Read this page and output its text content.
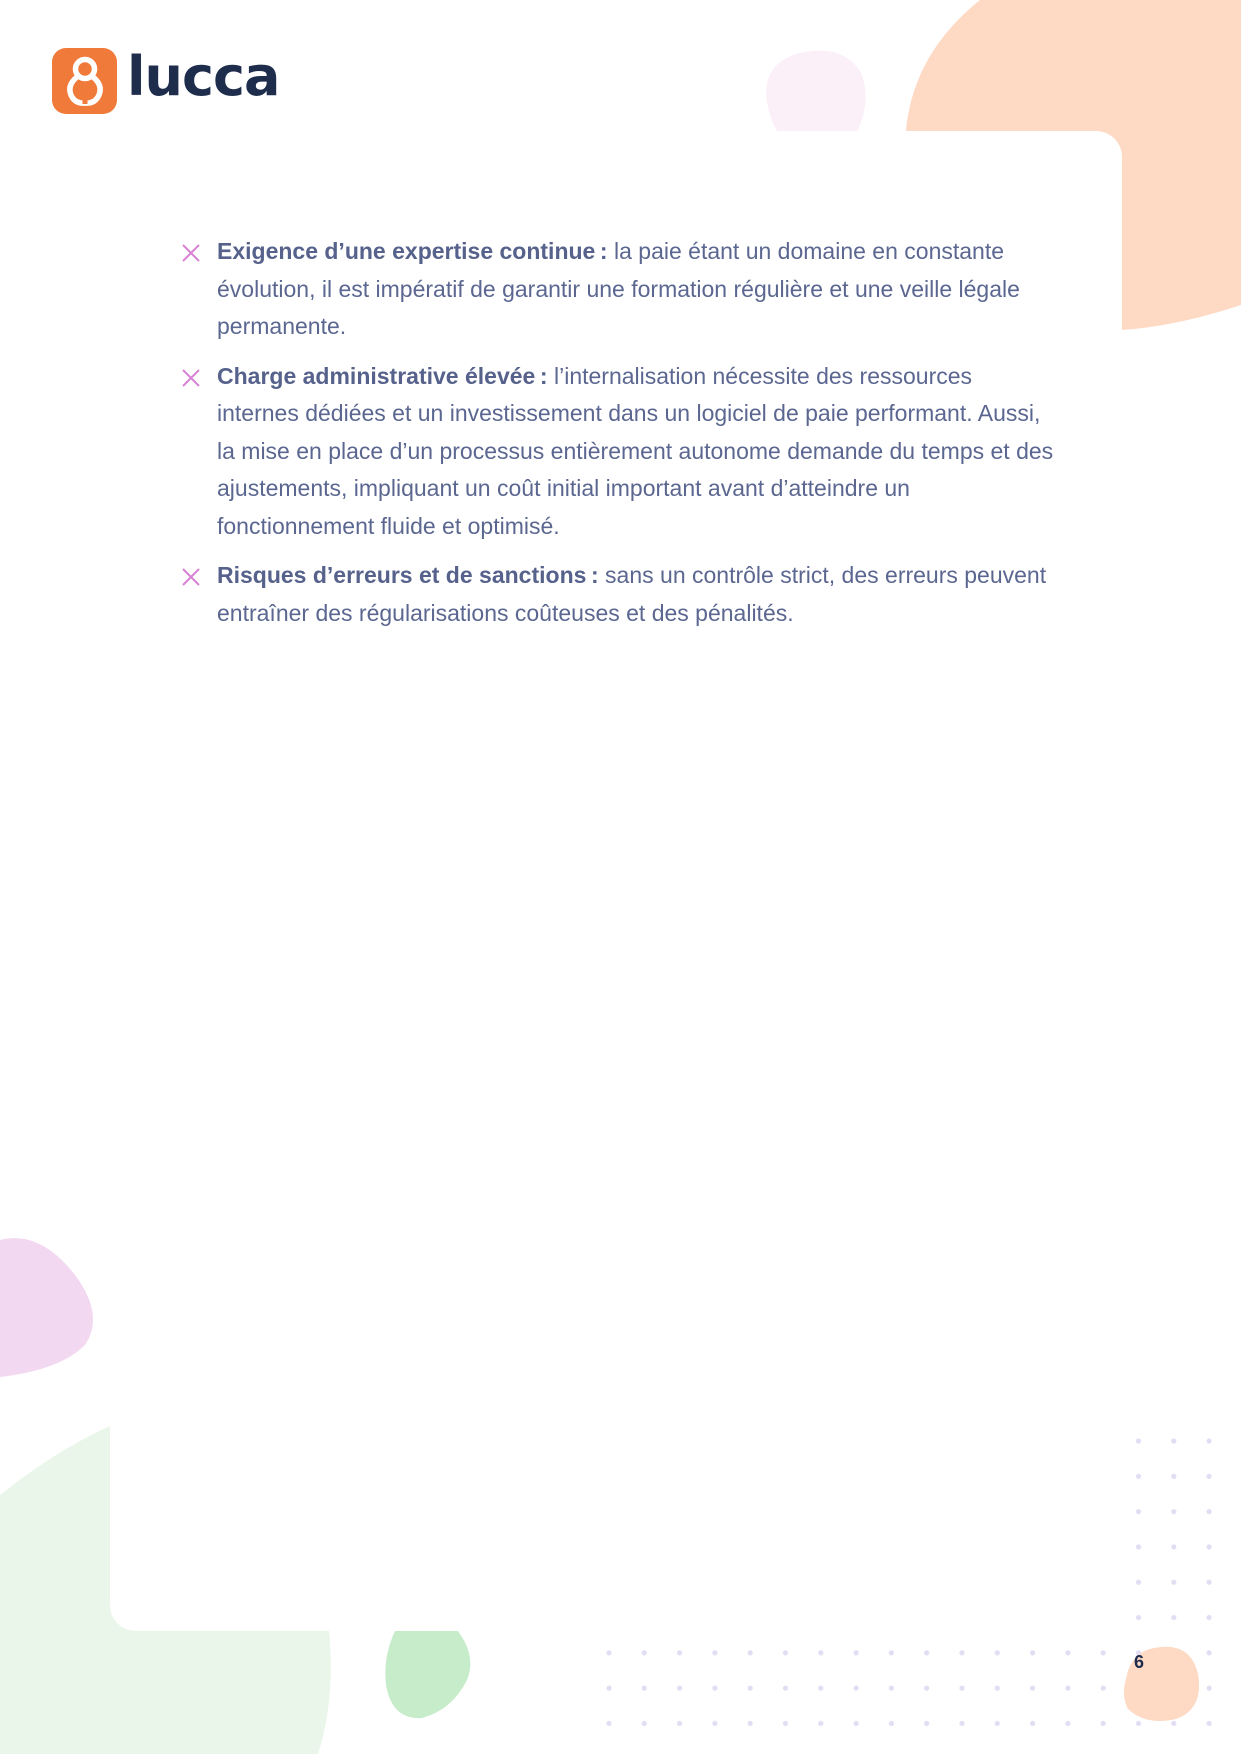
lucca
Exigence d’une expertise continue : la paie étant un domaine en constante évolution, il est impératif de garantir une formation régulière et une veille légale permanente.
Charge administrative élevée : l’internalisation nécessite des ressources internes dédiées et un investissement dans un logiciel de paie performant. Aussi, la mise en place d’un processus entièrement autonome demande du temps et des ajustements, impliquant un coût initial important avant d’atteindre un fonctionnement fluide et optimisé.
Risques d’erreurs et de sanctions : sans un contrôle strict, des erreurs peuvent entraîner des régularisations coûteuses et des pénalités.
6
